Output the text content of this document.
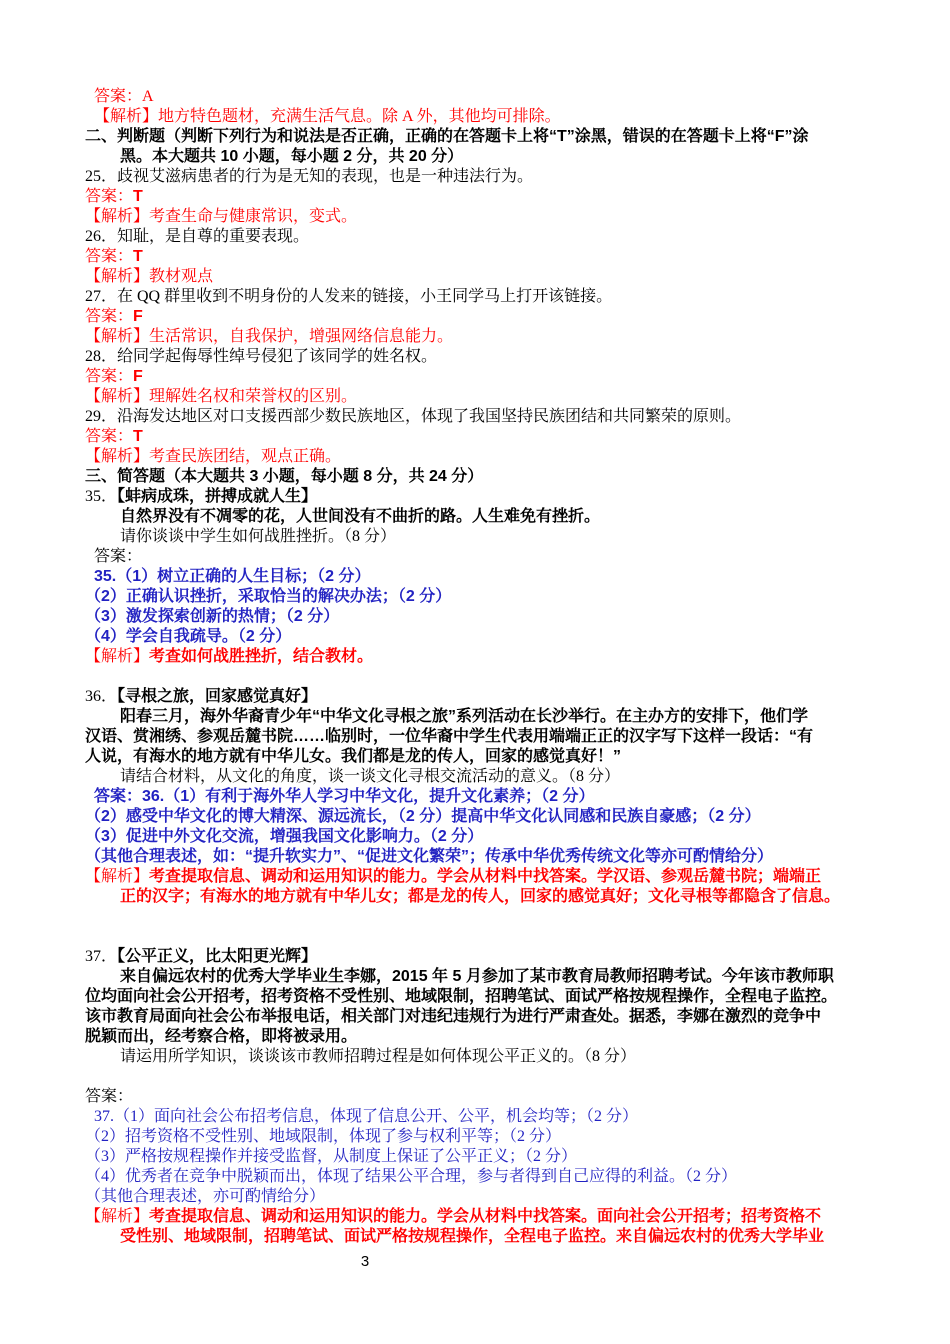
答案：A
【解析】地方特色题材，充满生活气息。除 A 外，其他均可排除。
二、判断题（判断下列行为和说法是否正确，正确的在答题卡上将“T”涂黑，错误的在答题卡上将“F”涂
黑。本大题共 10 小题，每小题 2 分，共 20 分）
25．歧视艾滋病患者的行为是无知的表现，也是一种违法行为。
答案：T
【解析】考查生命与健康常识，变式。
26．知耻，是自尊的重要表现。
答案：T
【解析】教材观点
27．在 QQ 群里收到不明身份的人发来的链接，小王同学马上打开该链接。
答案：F
【解析】生活常识，自我保护，增强网络信息能力。
28．给同学起侮辱性绰号侵犯了该同学的姓名权。
答案：F
【解析】理解姓名权和荣誉权的区别。
29．沿海发达地区对口支援西部少数民族地区，体现了我国坚持民族团结和共同繁荣的原则。
答案：T
【解析】考查民族团结，观点正确。
三、简答题（本大题共 3 小题，每小题 8 分，共 24 分）
35．【蚌病成珠，拼搏成就人生】
自然界没有不凋零的花，人世间没有不曲折的路。人生难免有挫折。
请你谈谈中学生如何战胜挫折。（8 分）
答案：
35.（1）树立正确的人生目标；（2 分）
（2）正确认识挫折，采取恰当的解决办法；（2 分）
（3）激发探索创新的热情；（2 分）
（4）学会自我疏导。（2 分）
【解析】考查如何战胜挫折，结合教材。
36．【寻根之旅，回家感觉真好】
阳春三月，海外华裔青少年“中华文化寻根之旅”系列活动在长沙举行。在主办方的安排下，他们学
汉语、赏湘绣、参观岳麓书院……临别时，一位华裔中学生代表用端端正正的汉字写下这样一段话：“有
人说，有海水的地方就有中华儿女。我们都是龙的传人，回家的感觉真好！”
请结合材料，从文化的角度，谈一谈文化寻根交流活动的意义。（8 分）
答案：36.（1）有利于海外华人学习中华文化，提升文化素养；（2 分）
（2）感受中华文化的博大精深、源远流长，（2 分）提高中华文化认同感和民族自豪感；（2 分）
（3）促进中外文化交流，增强我国文化影响力。（2 分）
（其他合理表述，如：“提升软实力”、“促进文化繁荣”；传承中华优秀传统文化等亦可酌情给分）
【解析】考查提取信息、调动和运用知识的能力。学会从材料中找答案。学汉语、参观岳麓书院；端端正
正的汉字；有海水的地方就有中华儿女；都是龙的传人，回家的感觉真好；文化寻根等都隐含了信息。
37．【公平正义，比太阳更光辉】
来自偏远农村的优秀大学毕业生李娜，2015 年 5 月参加了某市教育局教师招聘考试。今年该市教师职
位均面向社会公开招考，招考资格不受性别、地域限制，招聘笔试、面试严格按规程操作，全程电子监控。
该市教育局面向社会公布举报电话，相关部门对违纪违规行为进行严肃查处。据悉，李娜在激烈的竞争中
脱颖而出，经考察合格，即将被录用。
请运用所学知识，谈谈该市教师招聘过程是如何体现公平正义的。（8 分）
答案：
37.（1）面向社会公布招考信息，体现了信息公开、公平，机会均等；（2 分）
（2）招考资格不受性别、地域限制，体现了参与权利平等；（2 分）
（3）严格按规程操作并接受监督，从制度上保证了公平正义；（2 分）
（4）优秀者在竞争中脱颖而出，体现了结果公平合理，参与者得到自己应得的利益。（2 分）
（其他合理表述，亦可酌情给分）
【解析】考查提取信息、调动和运用知识的能力。学会从材料中找答案。面向社会公开招考；招考资格不
受性别、地域限制，招聘笔试、面试严格按规程操作，全程电子监控。来自偏远农村的优秀大学毕业
3
